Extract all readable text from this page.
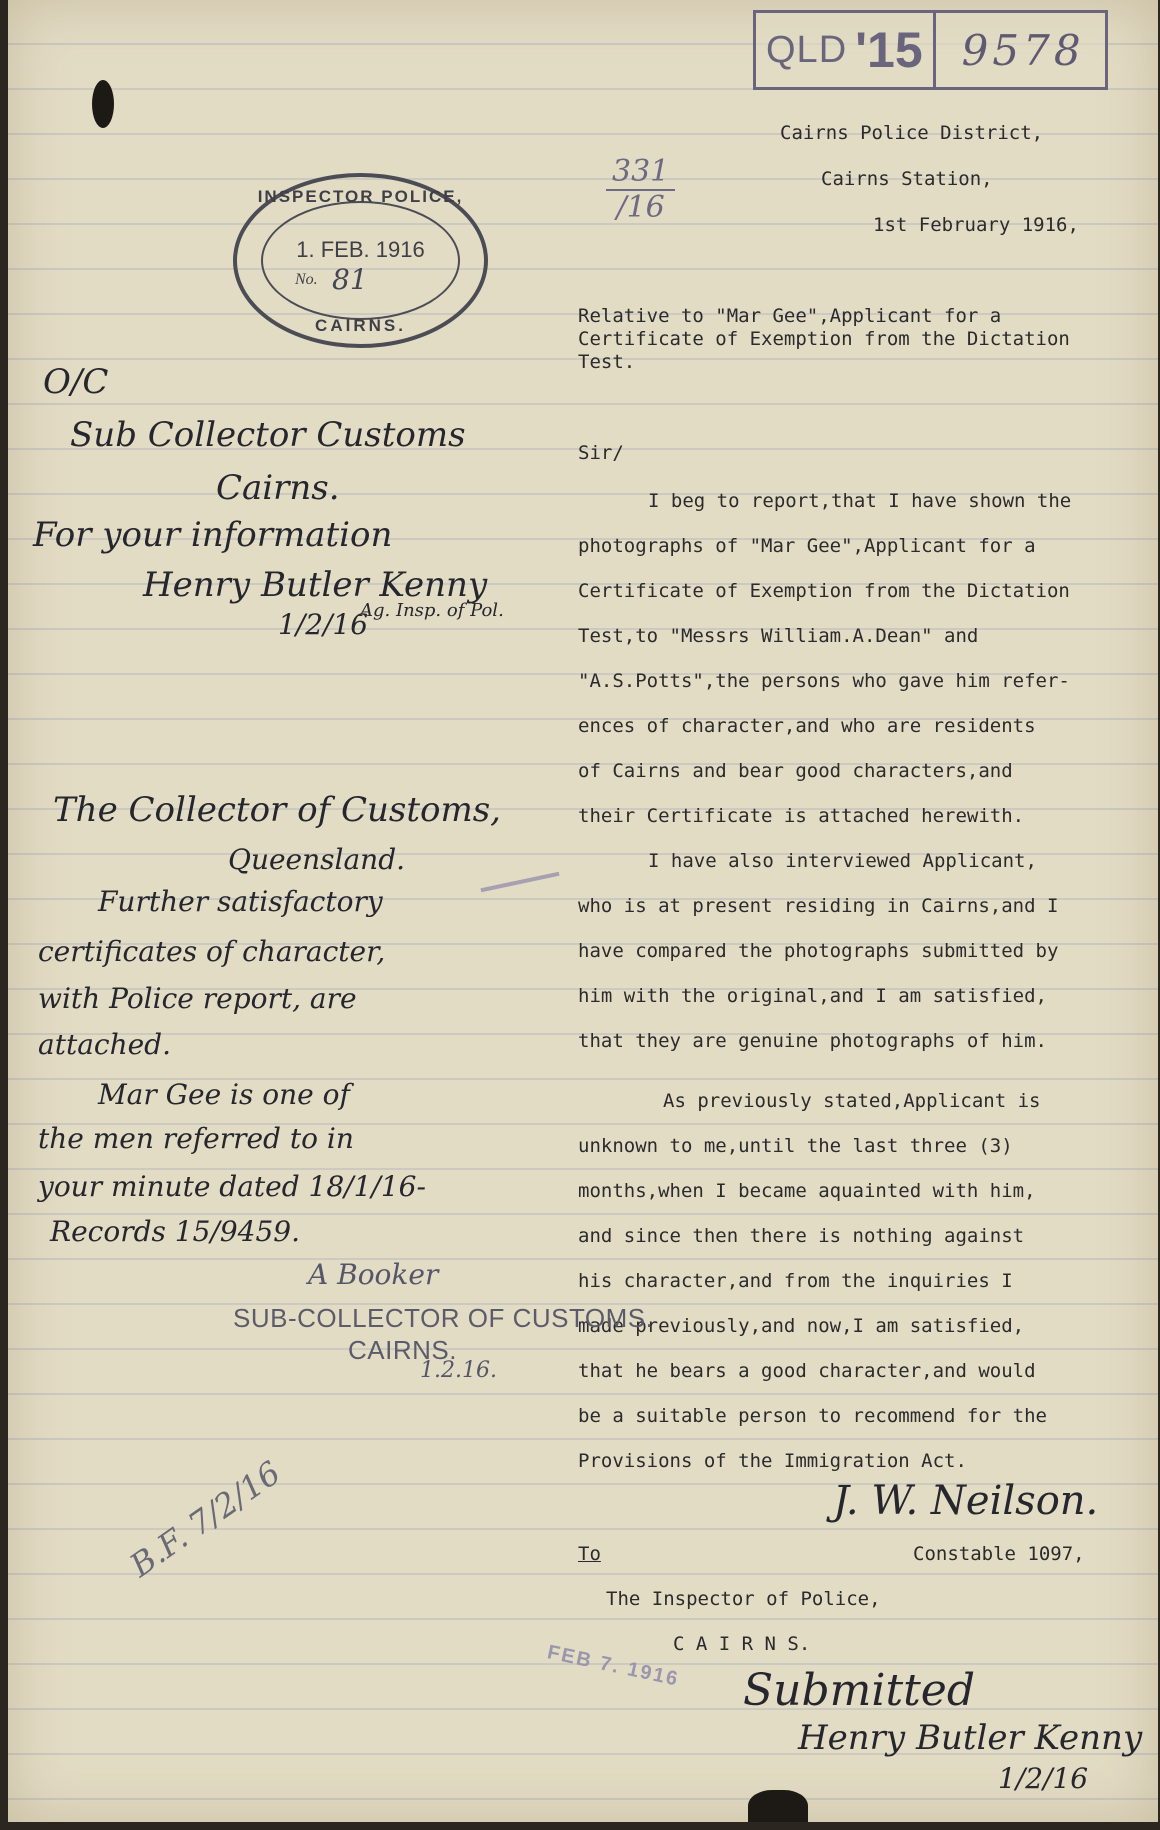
QLD '15 9578
INSPECTOR POLICE,
1. FEB. 1916
No. 81
CAIRNS.
$\frac{331}{/16}$
Cairns Police District,
Cairns Station,
1st February 1916,
Relative to "Mar Gee",Applicant for a
Certificate of Exemption from the Dictation
Test.
Sir/
I beg to report,that I have shown the
photographs of "Mar Gee",Applicant for a
Certificate of Exemption from the Dictation
Test,to "Messrs William.A.Dean" and
"A.S.Potts",the persons who gave him refer-
ences of character,and who are residents
of Cairns and bear good characters,and
their Certificate is attached herewith.
I have also interviewed Applicant,
who is at present residing in Cairns,and I
have compared the photographs submitted by
him with the original,and I am satisfied,
that they are genuine photographs of him.
As previously stated,Applicant is
unknown to me,until the last three (3)
months,when I became aquainted with him,
and since then there is nothing against
his character,and from the inquiries I
made previously,and now,I am satisfied,
that he bears a good character,and would
be a suitable person to recommend for the
Provisions of the Immigration Act.
J. W. Neilson.
Constable 1097,
To
The Inspector of Police,
C A I R N S.
O/C
Sub Collector Customs
Cairns.
For your information
Henry Butler Kenny
1/2/16
Ag. Insp. of Pol.
The Collector of Customs,
Queensland.
Further satisfactory
certificates of character,
with Police report, are
attached.
Mar Gee is one of
the men referred to in
your minute dated 18/1/16-
Records 15/9459.
A Booker
SUB-COLLECTOR OF CUSTOMS.
CAIRNS.
1.2.16.
B.F. 7/2/16
FEB 7. 1916 Submitted
Henry Butler Kenny
1/2/16
